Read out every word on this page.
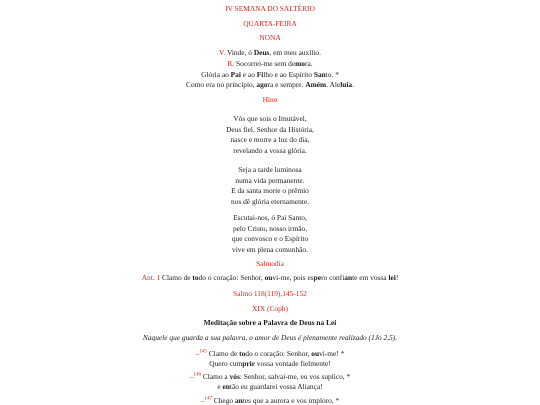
IV SEMANA DO SALTÉRIO
QUARTA-FEIRA
NONA
V. Vinde, ó Deus, em meu auxílio.
R. Socorrei-me sem demora.
Glória ao Pai e ao Filho e ao Espírito Santo. *
Como era no princípio, agora e sempre. Amém. Aleluia.
Hino
Vós que sois o Imutável,
Deus fiel, Senhor da História,
nasce e morre a luz do dia,
revelando a vossa glória.
Seja a tarde luminosa
numa vida permanente.
E da santa morte o prêmio
nos dê glória eternamente.
Escutai-nos, ó Pai Santo,
pelo Cristo, nosso irmão,
que convosco e o Espírito
vive em plena comunhão.
Salmodia
Ant. 1 Clamo de todo o coração: Senhor, ouvi-me, pois espero confiante em vossa lei!
Salmo 118(119),145-152
XIX (Coph)
Meditação sobre a Palavra de Deus na Lei
Naquele que guarda a sua palavra, o amor de Deus é plenamente realizado (1Jo 2,5).
–$^{145}$ Clamo de todo o coração: Senhor, ouvi-me! *
Quero cumprir vossa vontade fielmente!
–$^{146}$ Clamo a vós: Senhor, salvai-me, eu vos suplico, *
e então eu guardarei vossa Aliança!
–$^{147}$ Chego antes que a aurora e vos imploro, *
